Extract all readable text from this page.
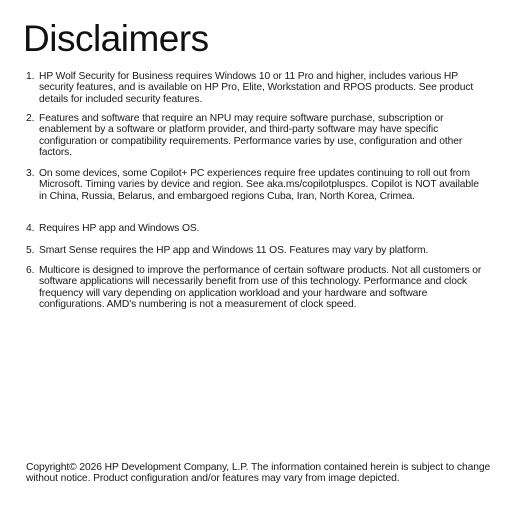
Disclaimers
1. HP Wolf Security for Business requires Windows 10 or 11 Pro and higher, includes various HP security features, and is available on HP Pro, Elite, Workstation and RPOS products. See product details for included security features.
2. Features and software that require an NPU may require software purchase, subscription or enablement by a software or platform provider, and third-party software may have specific configuration or compatibility requirements. Performance varies by use, configuration and other factors.
3. On some devices, some Copilot+ PC experiences require free updates continuing to roll out from Microsoft. Timing varies by device and region. See aka.ms/copilotpluspcs. Copilot is NOT available in China, Russia, Belarus, and embargoed regions Cuba, Iran, North Korea, Crimea.
4. Requires HP app and Windows OS.
5. Smart Sense requires the HP app and Windows 11 OS. Features may vary by platform.
6. Multicore is designed to improve the performance of certain software products. Not all customers or software applications will necessarily benefit from use of this technology. Performance and clock frequency will vary depending on application workload and your hardware and software configurations. AMD's numbering is not a measurement of clock speed.

Copyright© 2026 HP Development Company, L.P. The information contained herein is subject to change without notice. Product configuration and/or features may vary from image depicted.
